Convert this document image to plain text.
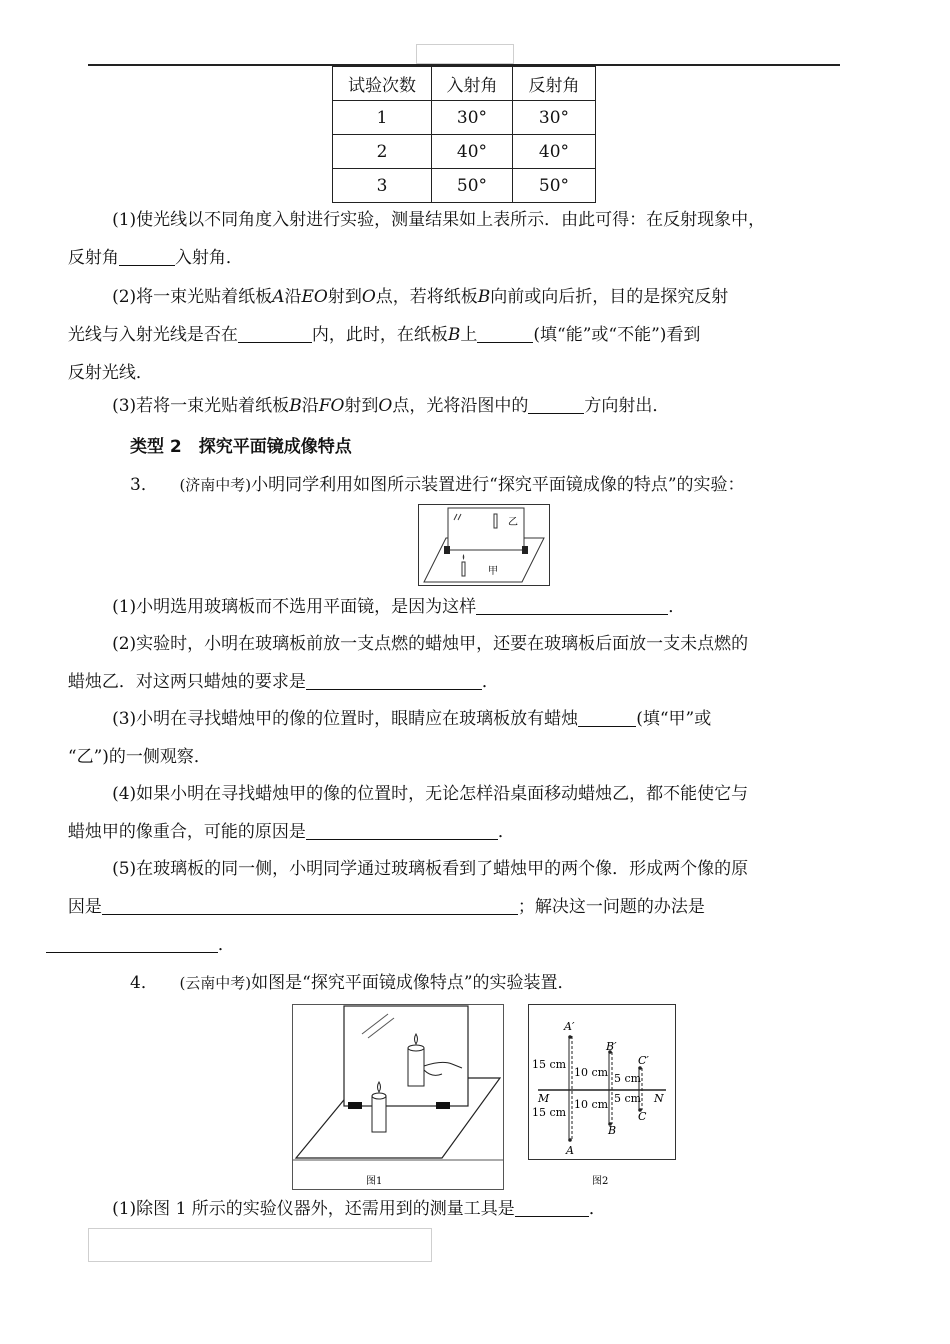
试验次数	入射角	反射角
1	30°	30°
2	40°	40°
3	50°	50°
(1)使光线以不同角度入射进行实验，测量结果如上表所示．由此可得：在反射现象中，
反射角	入射角．
(2)将一束光贴着纸板A沿EO射到O点，若将纸板B向前或向后折，目的是探究反射
光线与入射光线是否在	内，此时，在纸板B上	(填“能”或“不能”)看到
反射光线．
(3)若将一束光贴着纸板B沿FO射到O点，光将沿图中的	方向射出．
类型 2　探究平面镜成像特点
3． (济南中考)小明同学利用如图所示装置进行“探究平面镜成像的特点”的实验：
乙
甲
(1)小明选用玻璃板而不选用平面镜，是因为这样	．
(2)实验时，小明在玻璃板前放一支点燃的蜡烛甲，还要在玻璃板后面放一支未点燃的
蜡烛乙．对这两只蜡烛的要求是	．
(3)小明在寻找蜡烛甲的像的位置时，眼睛应在玻璃板放有蜡烛	(填“甲”或
“乙”)的一侧观察．
(4)如果小明在寻找蜡烛甲的像的位置时，无论怎样沿桌面移动蜡烛乙，都不能使它与
蜡烛甲的像重合，可能的原因是	．
(5)在玻璃板的同一侧，小明同学通过玻璃板看到了蜡烛甲的两个像．形成两个像的原
因是	；解决这一问题的办法是
．
4． (云南中考)如图是“探究平面镜成像特点”的实验装置．
图1
A′
B′
C′
A
B
C
M	N
15 cm
15 cm
10 cm
10 cm
5 cm
5 cm
图2
(1)除图 1 所示的实验仪器外，还需用到的测量工具是	．
